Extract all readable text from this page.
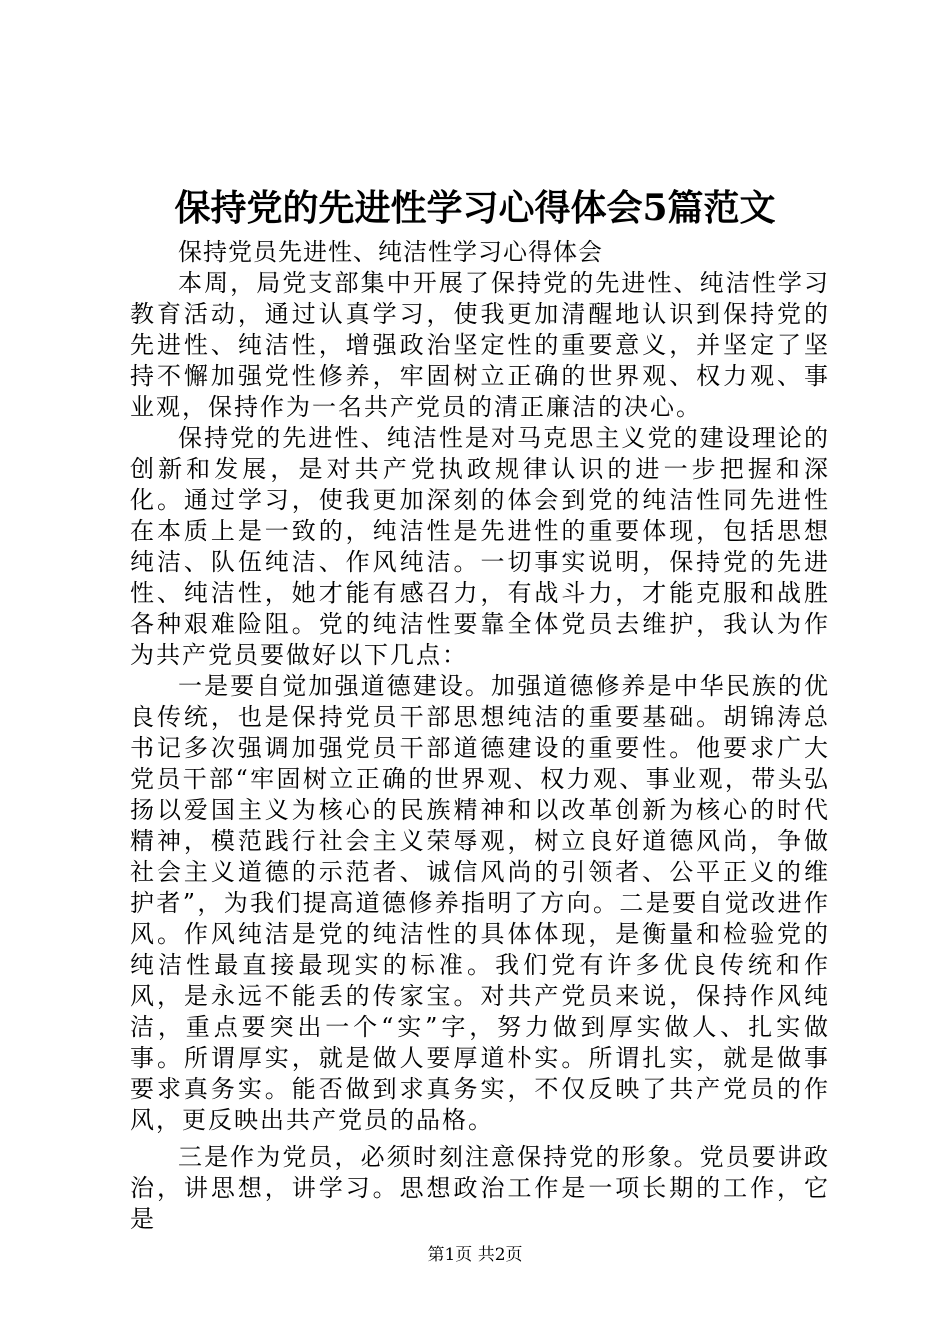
保持党的先进性学习心得体会5篇范文

保持党员先进性、纯洁性学习心得体会

本周，局党支部集中开展了保持党的先进性、纯洁性学习教育活动，通过认真学习，使我更加清醒地认识到保持党的先进性、纯洁性，增强政治坚定性的重要意义，并坚定了坚持不懈加强党性修养，牢固树立正确的世界观、权力观、事业观，保持作为一名共产党员的清正廉洁的决心。

保持党的先进性、纯洁性是对马克思主义党的建设理论的创新和发展，是对共产党执政规律认识的进一步把握和深化。通过学习，使我更加深刻的体会到党的纯洁性同先进性在本质上是一致的，纯洁性是先进性的重要体现，包括思想纯洁、队伍纯洁、作风纯洁。一切事实说明，保持党的先进性、纯洁性，她才能有感召力，有战斗力，才能克服和战胜各种艰难险阻。党的纯洁性要靠全体党员去维护，我认为作为共产党员要做好以下几点：

一是要自觉加强道德建设。加强道德修养是中华民族的优良传统，也是保持党员干部思想纯洁的重要基础。胡锦涛总书记多次强调加强党员干部道德建设的重要性。他要求广大党员干部“牢固树立正确的世界观、权力观、事业观，带头弘扬以爱国主义为核心的民族精神和以改革创新为核心的时代精神，模范践行社会主义荣辱观，树立良好道德风尚，争做社会主义道德的示范者、诚信风尚的引领者、公平正义的维护者”，为我们提高道德修养指明了方向。二是要自觉改进作风。作风纯洁是党的纯洁性的具体体现，是衡量和检验党的纯洁性最直接最现实的标准。我们党有许多优良传统和作风，是永远不能丢的传家宝。对共产党员来说，保持作风纯洁，重点要突出一个“实”字，努力做到厚实做人、扎实做事。所谓厚实，就是做人要厚道朴实。所谓扎实，就是做事要求真务实。能否做到求真务实，不仅反映了共产党员的作风，更反映出共产党员的品格。

三是作为党员，必须时刻注意保持党的形象。党员要讲政治，讲思想，讲学习。思想政治工作是一项长期的工作，它是

第1页 共2页
